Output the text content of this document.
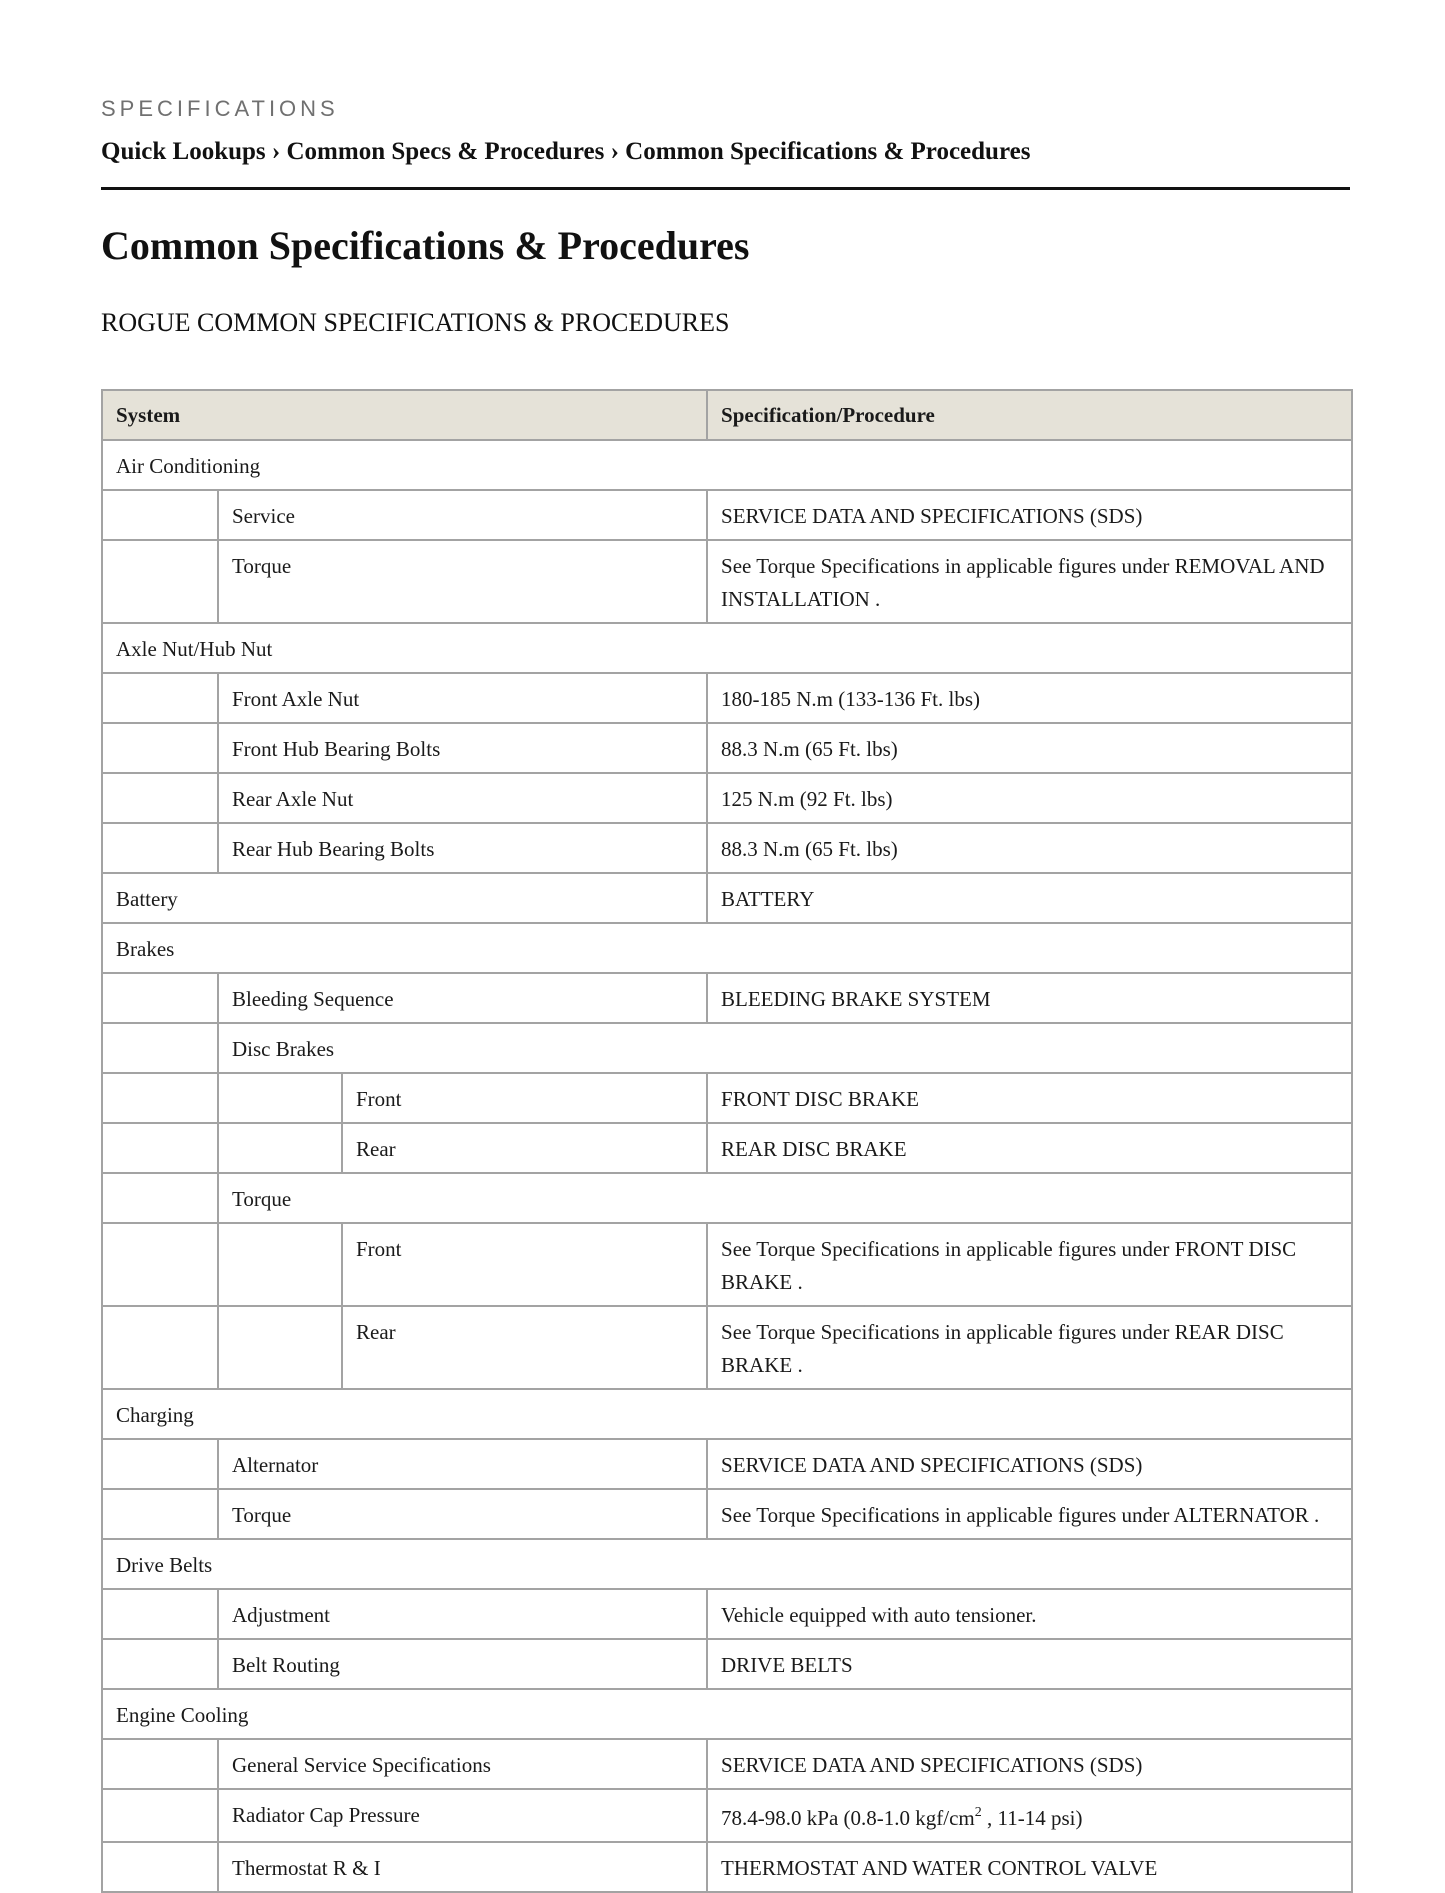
SPECIFICATIONS
Quick Lookups › Common Specs & Procedures › Common Specifications & Procedures
Common Specifications & Procedures
ROGUE COMMON SPECIFICATIONS & PROCEDURES
System			Specification/Procedure
Air Conditioning			
	Service		SERVICE DATA AND SPECIFICATIONS (SDS)
	Torque		See Torque Specifications in applicable figures under REMOVAL AND INSTALLATION .
Axle Nut/Hub Nut			
	Front Axle Nut		180-185 N.m (133-136 Ft. lbs)
	Front Hub Bearing Bolts		88.3 N.m (65 Ft. lbs)
	Rear Axle Nut		125 N.m (92 Ft. lbs)
	Rear Hub Bearing Bolts		88.3 N.m (65 Ft. lbs)
Battery			BATTERY
Brakes			
	Bleeding Sequence		BLEEDING BRAKE SYSTEM
	Disc Brakes		
		Front	FRONT DISC BRAKE
		Rear	REAR DISC BRAKE
	Torque		
		Front	See Torque Specifications in applicable figures under FRONT DISC BRAKE .
		Rear	See Torque Specifications in applicable figures under REAR DISC BRAKE .
Charging			
	Alternator		SERVICE DATA AND SPECIFICATIONS (SDS)
	Torque		See Torque Specifications in applicable figures under ALTERNATOR .
Drive Belts			
	Adjustment		Vehicle equipped with auto tensioner.
	Belt Routing		DRIVE BELTS
Engine Cooling			
	General Service Specifications		SERVICE DATA AND SPECIFICATIONS (SDS)
	Radiator Cap Pressure		78.4-98.0 kPa (0.8-1.0 kgf/$cm^2$ , 11-14 psi)
	Thermostat R & I		THERMOSTAT AND WATER CONTROL VALVE
